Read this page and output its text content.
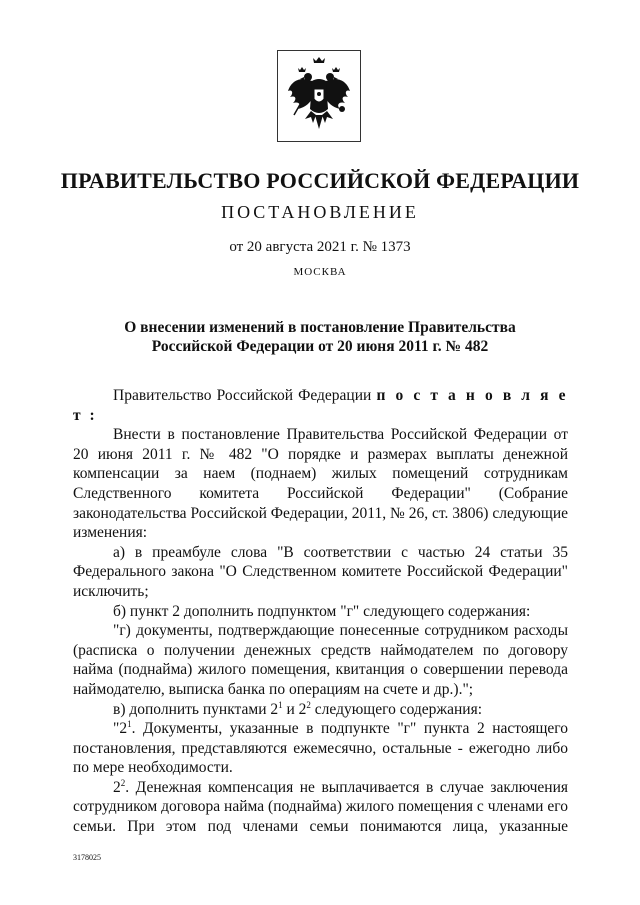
ПРАВИТЕЛЬСТВО РОССИЙСКОЙ ФЕДЕРАЦИИ
ПОСТАНОВЛЕНИЕ
от 20 августа 2021 г. № 1373
МОСКВА
О внесении изменений в постановление Правительства
Российской Федерации от 20 июня 2011 г. № 482

Правительство Российской Федерации п о с т а н о в л я е т :

Внести в постановление Правительства Российской Федерации от 20 июня 2011 г. № 482 "О порядке и размерах выплаты денежной компенсации за наем (поднаем) жилых помещений сотрудникам Следственного комитета Российской Федерации" (Собрание законодательства Российской Федерации, 2011, № 26, ст. 3806) следующие изменения:

а) в преамбуле слова "В соответствии с частью 24 статьи 35 Федерального закона "О Следственном комитете Российской Федерации" исключить;

б) пункт 2 дополнить подпунктом "г" следующего содержания:

"г) документы, подтверждающие понесенные сотрудником расходы (расписка о получении денежных средств наймодателем по договору найма (поднайма) жилого помещения, квитанция о совершении перевода наймодателю, выписка банка по операциям на счете и др.).";

в) дополнить пунктами $2^1$ и $2^2$ следующего содержания:

"$2^1$. Документы, указанные в подпункте "г" пункта 2 настоящего постановления, представляются ежемесячно, остальные - ежегодно либо по мере необходимости.

$2^2$. Денежная компенсация не выплачивается в случае заключения сотрудником договора найма (поднайма) жилого помещения с членами его семьи. При этом под членами семьи понимаются лица, указанные

3178025
